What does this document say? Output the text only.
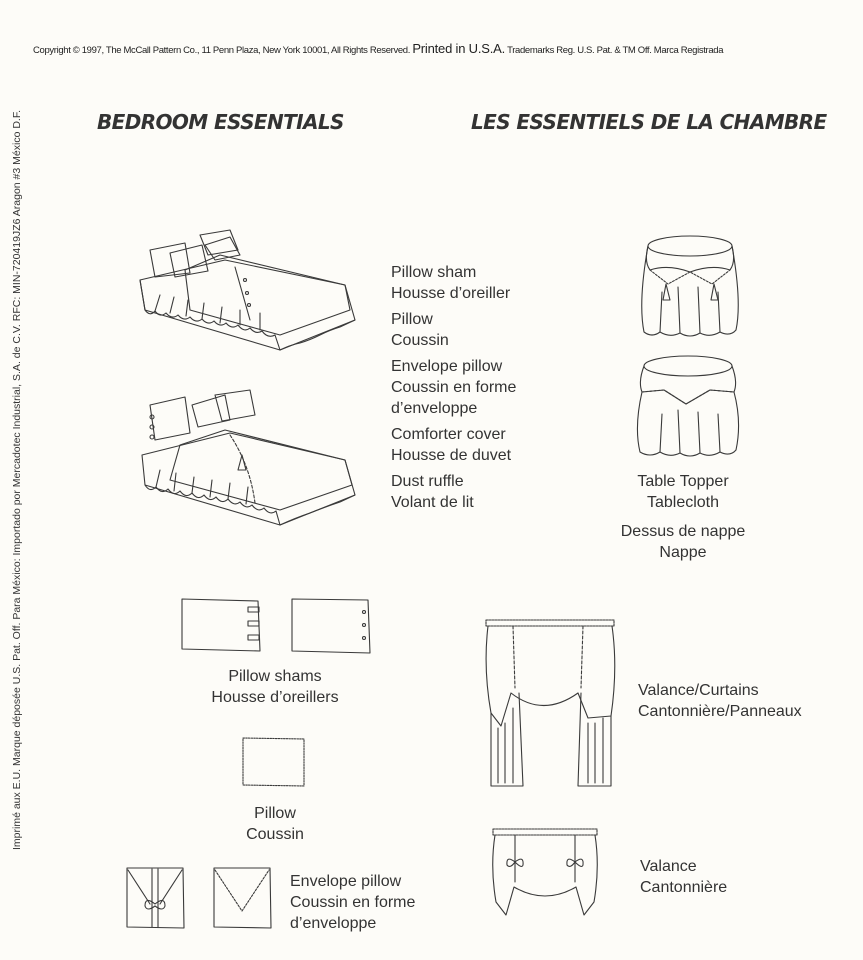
Copyright © 1997, The McCall Pattern Co., 11 Penn Plaza, New York 10001, All Rights Reserved. Printed in U.S.A. Trademarks Reg. U.S. Pat. & TM Off. Marca Registrada
Imprimé aux E.U. Marque déposée U.S. Pat. Off. Para México: Importado por Mercadotec Industrial, S.A. de C.V. RFC: MIN-720419JZ6 Aragon #3 México D.F.	BEDROOM ESSENTIALS	LES ESSENTIELS DE LA CHAMBRE
Pillow sham
Housse d’oreiller
Pillow
Coussin
Envelope pillow
Coussin en forme
d’enveloppe
Comforter cover
Housse de duvet
Dust ruffle
Volant de lit
Table Topper
Tablecloth
Dessus de nappe
Nappe
Pillow shams
Housse d’oreillers
Pillow
Coussin
Envelope pillow
Coussin en forme
d’enveloppe
Valance/Curtains
Cantonnière/Panneaux
Valance
Cantonnière
